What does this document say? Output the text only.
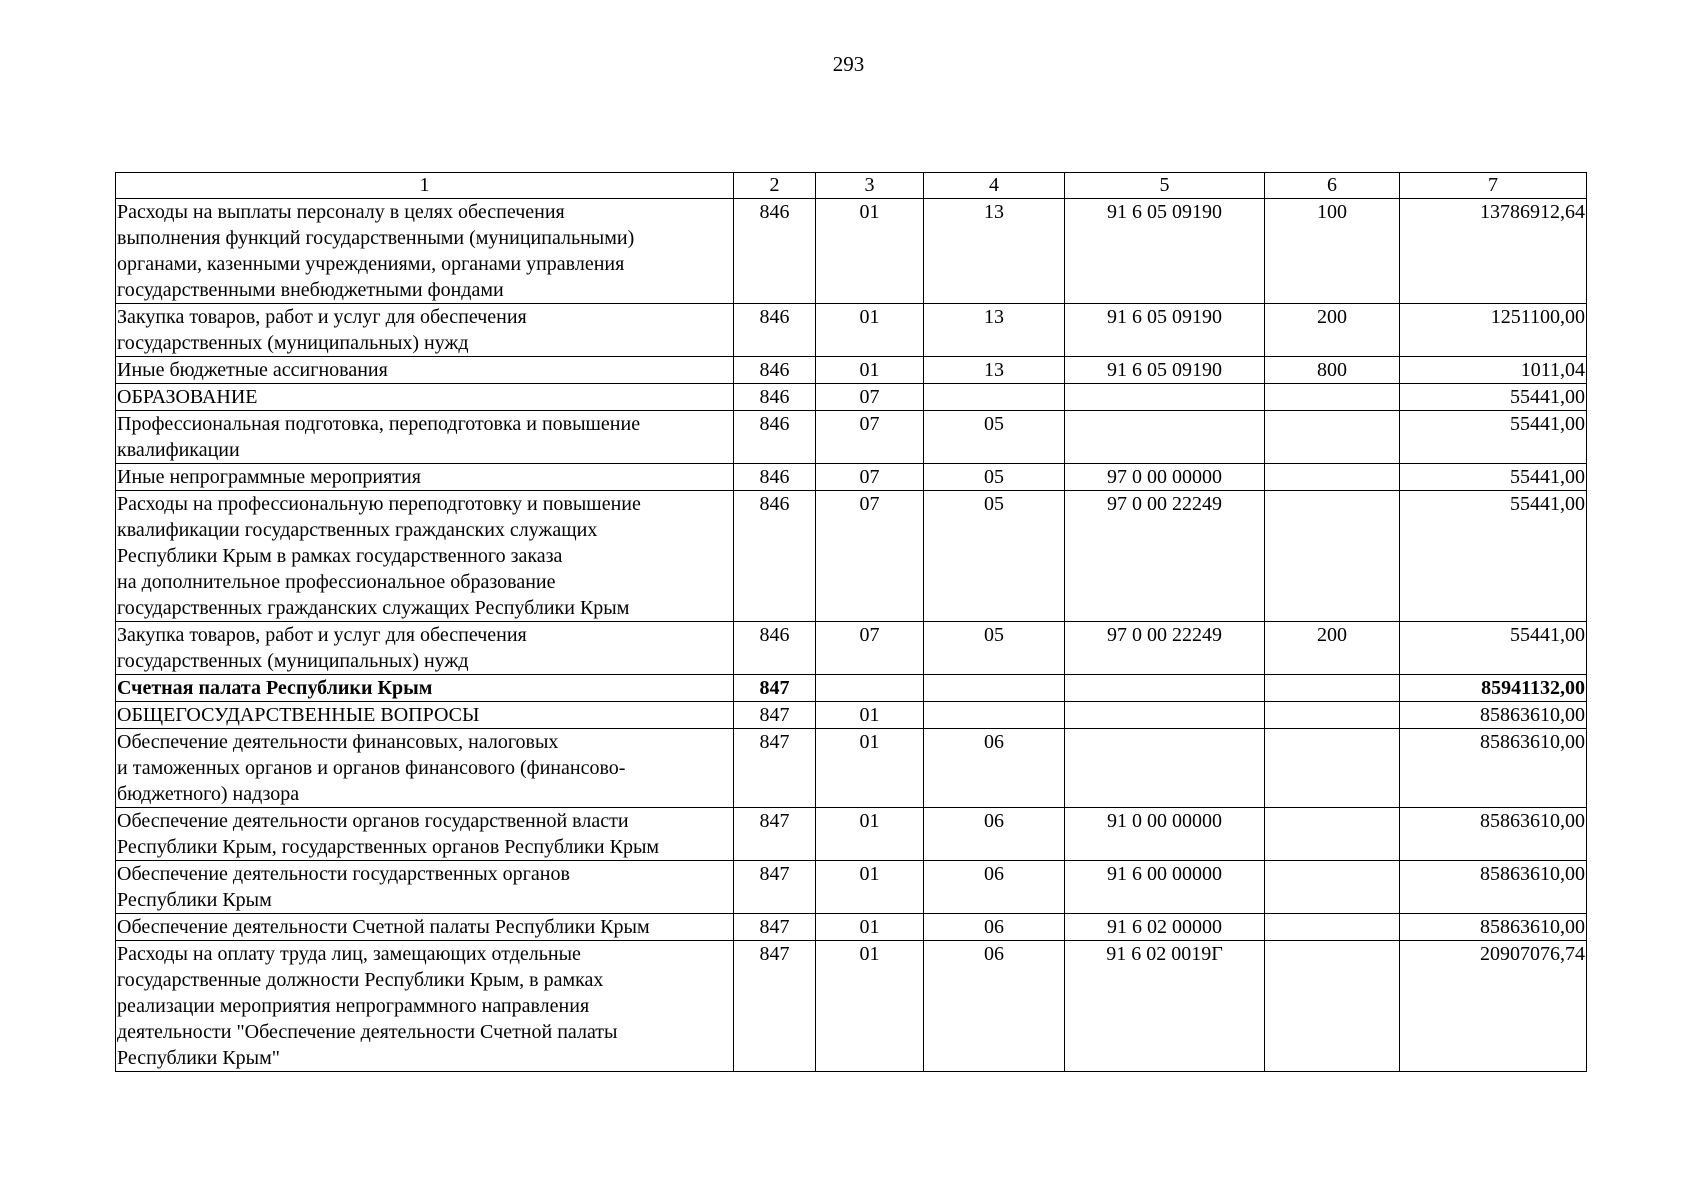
293
1	2	3	4	5	6	7

Расходы на выплаты персоналу в целях обеспечения
выполнения функций государственными (муниципальными)
органами, казенными учреждениями, органами управления
государственными внебюджетными фондами	846	01	13	91 6 05 09190	100	13786912,64

Закупка товаров, работ и услуг для обеспечения
государственных (муниципальных) нужд	846	01	13	91 6 05 09190	200	1251100,00

Иные бюджетные ассигнования	846	01	13	91 6 05 09190	800	1011,04

ОБРАЗОВАНИЕ	846	07				55441,00

Профессиональная подготовка, переподготовка и повышение
квалификации	846	07	05			55441,00

Иные непрограммные мероприятия	846	07	05	97 0 00 00000		55441,00

Расходы на профессиональную переподготовку и повышение
квалификации государственных гражданских служащих
Республики Крым в рамках государственного заказа
на дополнительное профессиональное образование
государственных гражданских служащих Республики Крым	846	07	05	97 0 00 22249		55441,00

Закупка товаров, работ и услуг для обеспечения
государственных (муниципальных) нужд	846	07	05	97 0 00 22249	200	55441,00

Счетная палата Республики Крым	847					85941132,00

ОБЩЕГОСУДАРСТВЕННЫЕ ВОПРОСЫ	847	01				85863610,00

Обеспечение деятельности финансовых, налоговых
и таможенных органов и органов финансового (финансово-
бюджетного) надзора	847	01	06			85863610,00

Обеспечение деятельности органов государственной власти
Республики Крым, государственных органов Республики Крым	847	01	06	91 0 00 00000		85863610,00

Обеспечение деятельности государственных органов
Республики Крым	847	01	06	91 6 00 00000		85863610,00

Обеспечение деятельности Счетной палаты Республики Крым	847	01	06	91 6 02 00000		85863610,00

Расходы на оплату труда лиц, замещающих отдельные
государственные должности Республики Крым, в рамках
реализации мероприятия непрограммного направления
деятельности "Обеспечение деятельности Счетной палаты
Республики Крым"	847	01	06	91 6 02 0019Г		20907076,74
